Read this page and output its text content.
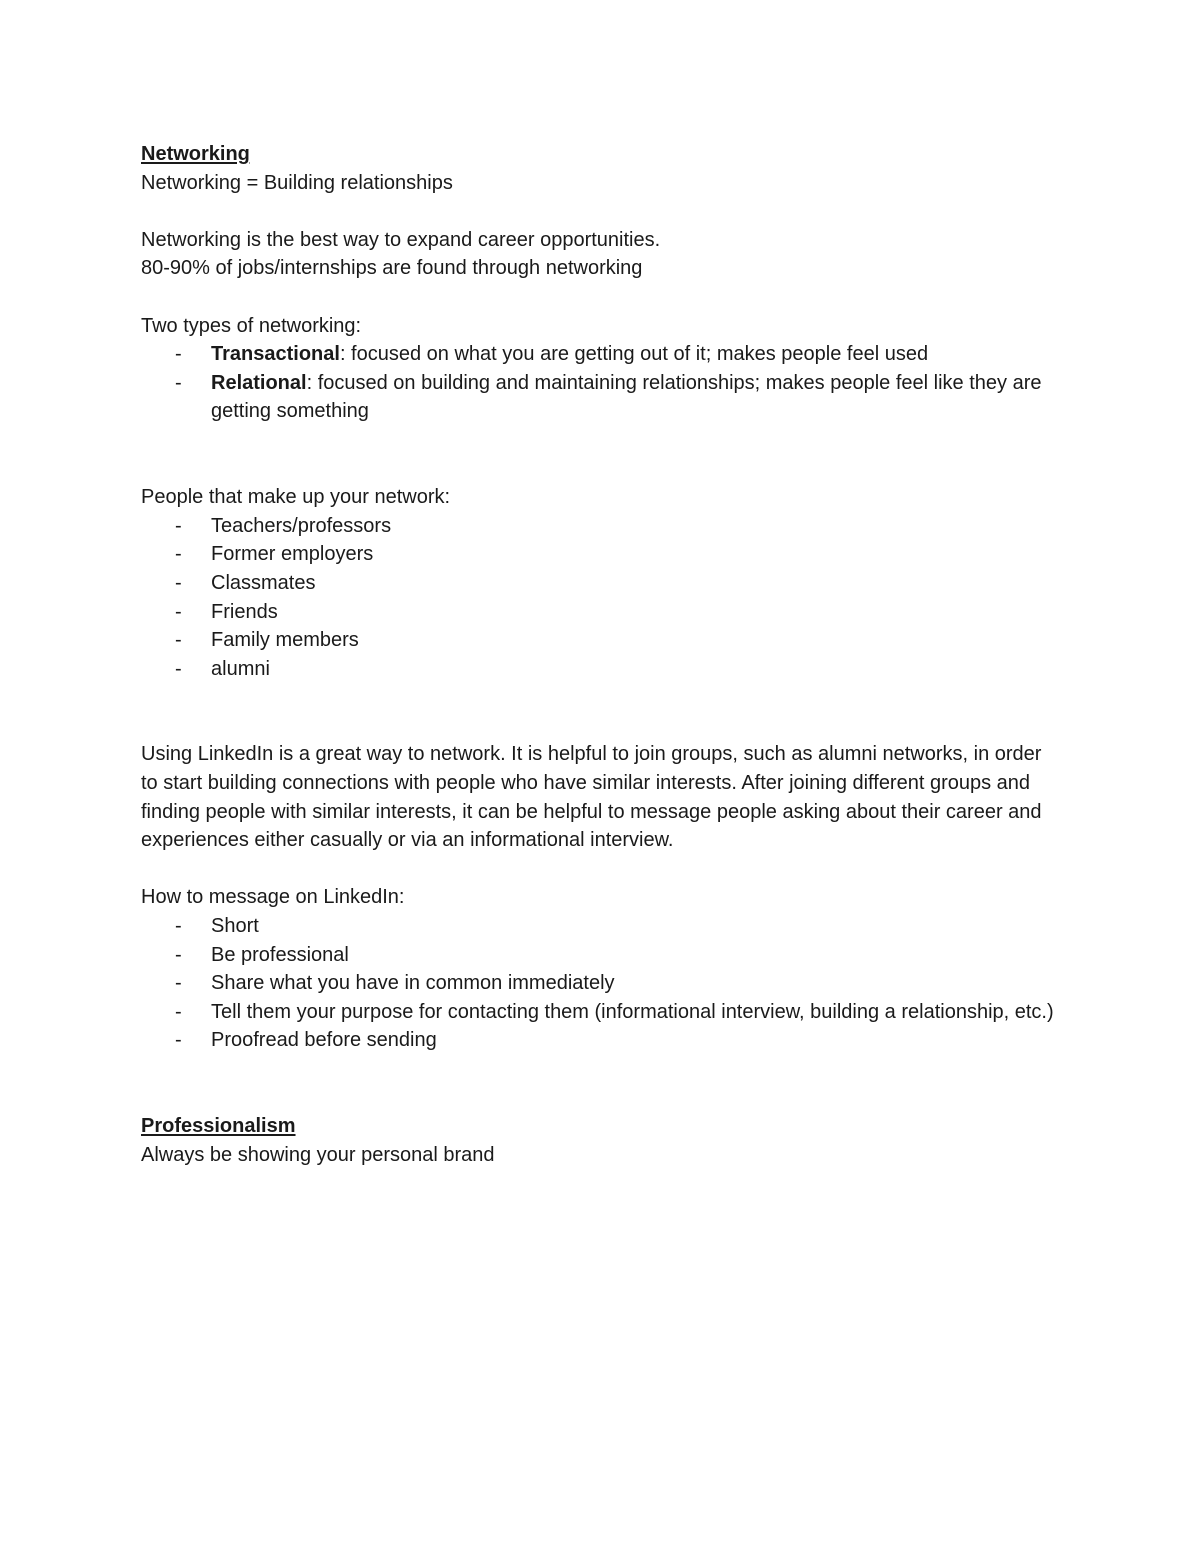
Networking

Networking = Building relationships

Networking is the best way to expand career opportunities.

80-90% of jobs/internships are found through networking

Two types of networking:

- Transactional: focused on what you are getting out of it; makes people feel used
- Relational: focused on building and maintaining relationships; makes people feel like they are getting something

People that make up your network:

- Teachers/professors
- Former employers
- Classmates
- Friends
- Family members
- alumni

Using LinkedIn is a great way to network. It is helpful to join groups, such as alumni networks, in order to start building connections with people who have similar interests. After joining different groups and finding people with similar interests, it can be helpful to message people asking about their career and experiences either casually or via an informational interview.

How to message on LinkedIn:

- Short
- Be professional
- Share what you have in common immediately
- Tell them your purpose for contacting them (informational interview, building a relationship, etc.)
- Proofread before sending

Professionalism

Always be showing your personal brand
